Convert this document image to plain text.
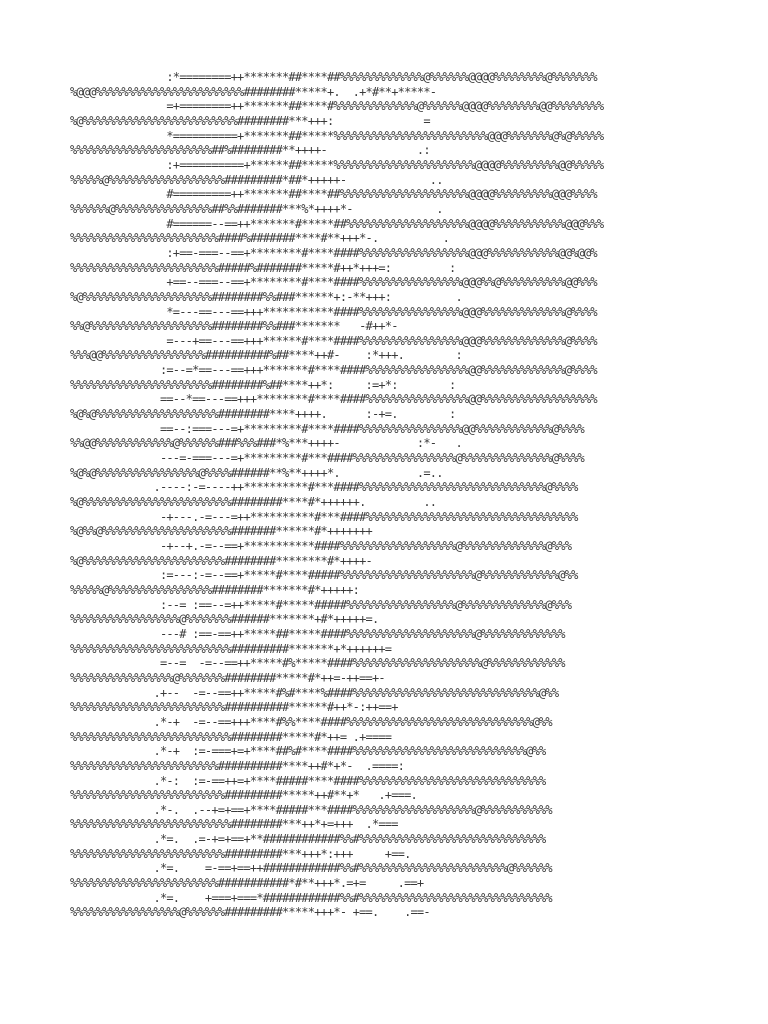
:*========++*******##****##%%%%%%%%%%%%%@%%%%%%@@@@%%%%%%%%@%%%%%%%
%@@@%%%%%%%%%%%%%%%%%%%%%%%########*****+.  .+*#**+*****-
=+========++*******##****#%%%%%%%%%%%%%@%%%%%%@@@@%%%%%%%%@@%%%%%%%%
%@%%%%%%%%%%%%%%%%%%%%%%%%########***+++:              =
*==========+*******##*****%%%%%%%%%%%%%%%%%%%%%%%%@@@%%%%%%%@%@%%%%%
%%%%%%%%%%%%%%%%%%%%%%##%########**++++-              .:
:+==========+******##*****%%%%%%%%%%%%%%%%%%%%%%@@@@%%%%%%%%%@@%%%%%
%%%%%@%%%%%%%%%%%%%%%%%%#########*##*+++++-             ..
#=========++*******##****##%%%%%%%%%%%%%%%%%%%%@@@@%%%%%%%%%@@@%%%%
%%%%%%@%%%%%%%%%%%%%%%##%%#######***%*++++*-             .
#======--==++*******#*****##%%%%%%%%%%%%%%%%%%%@@@@%%%%%%%%%%%@@@%%%
%%%%%%%%%%%%%%%%%%%%%%%####%#######****#**+++*-.          .
:+==-===--==+********#****####%%%%%%%%%%%%%%%%%@@@%%%%%%%%%%%@@%@@%
%%%%%%%%%%%%%%%%%%%%%%%#####%#######*****#++*+++=:         :
+==--===--==+********#****####%%%%%%%%%%%%%%%%@@@%%@%%%%%%%%%%@@%%%
%@%%%%%%%%%%%%%%%%%%%%########%%###******+:-**+++:          .
*=---==---==+++***********####%%%%%%%%%%%%%%%%@@@%%%%%%%%%%%%%@%%%%
%%@%%%%%%%%%%%%%%%%%%%########%%###*******   -#++*-
=---+==---==+++******#****####%%%%%%%%%%%%%%%%@@@%%%%%%%%%%%%%@%%%%
%%%@@%%%%%%%%%%%%%%%%##########%##****++#-    :*+++.        :
:=--=*==---==+++*******#****####%%%%%%%%%%%%%%%%@@%%%%%%%%%%%%%@%%%%
%%%%%%%%%%%%%%%%%%%%%%########%##****++*:     :=+*:        :
==--*==---==+++********#****####%%%%%%%%%%%%%%%%@@%%%%%%%%%%%%%%%%%%
%@%@%%%%%%%%%%%%%%%%%%%########****++++.      :-+=.        :
==--:===---=+*********#****####%%%%%%%%%%%%%%%%@@%%%%%%%%%%%%@%%%%
%%@@%%%%%%%%%%%%@%%%%%%###%%%###*%***++++-            :*-   .
---=-===---=+*********#***####%%%%%%%%%%%%%%%%@%%%%%%%%%%%%%%@%%%%
%@%@%%%%%%%%%%%%%%%%@%%%%######**%**++++*.            .=..
.----:-=----++**********#***####%%%%%%%%%%%%%%%%%%%%%%%%%%%%%@%%%%
%@%%%%%%%%%%%%%%%%%%%%%%%########****#*++++++.         ..
-+---.-=---=++**********#***####%%%%%%%%%%%%%%%%%%%%%%%%%%%%%%%%%
%@%%@%%%%%%%%%%%%%%%%%%%%#######******#*+++++++
-+--+.-=--==+***********####%%%%%%%%%%%%%%%%%%@%%%%%%%%%%%%%@%%%
%@%%%%%%%%%%%%%%%%%%%%%%########********#*++++-
:=---:-=--==+*****#****#####%%%%%%%%%%%%%%%%%%%%%@%%%%%%%%%%%%@%%
%%%%%@%%%%%%%%%%%%%%%%########*******#*+++++:
:--= :==--=++*****#*****#####%%%%%%%%%%%%%%%%%@%%%%%%%%%%%%%@%%%
%%%%%%%%%%%%%%%%%@%%%%%%%######*******+#*+++++=.
---# :==-==++*****##*****####%%%%%%%%%%%%%%%%%%%%@%%%%%%%%%%%%%
%%%%%%%%%%%%%%%%%%%%%%%%%#########*******+*++++++=
=--=  -=--==++*****#%*****####%%%%%%%%%%%%%%%%%%%%@%%%%%%%%%%%%
%%%%%%%%%%%%%%%%@%%%%%%%########*****#*++=-++==+-
.+--  -=--==++*****#%#****%####%%%%%%%%%%%%%%%%%%%%%%%%%%%%%@%%
%%%%%%%%%%%%%%%%%%%%%%%%##########******#++*-:++==+
.*-+  -=--==+++****#%%****####%%%%%%%%%%%%%%%%%%%%%%%%%%%%%@%%
%%%%%%%%%%%%%%%%%%%%%%%%%########*****#*++= .+====
.*-+  :=-===+=+****##%#****####%%%%%%%%%%%%%%%%%%%%%%%%%%%@%%
%%%%%%%%%%%%%%%%%%%%%%%##########****++#*+*-  .====:
.*-:  :=-==++=+****#####****####%%%%%%%%%%%%%%%%%%%%%%%%%%%%%
%%%%%%%%%%%%%%%%%%%%%%%%#########*****++#**+*   .+===.
.*-.  .--+=+==+****#####***####%%%%%%%%%%%%%%%%%%%@%%%%%%%%%%%
%%%%%%%%%%%%%%%%%%%%%%%%%########***++*+=+++  .*===
.*=.  .=-+=+==+**############%%#%%%%%%%%%%%%%%%%%%%%%%%%%%%%%
%%%%%%%%%%%%%%%%%%%%%%%%#########***+++*:+++     +==.
.*=.    =-==+==++############%%#%%%%%%%%%%%%%%%%%%%%%%%@%%%%%%
%%%%%%%%%%%%%%%%%%%%%%%###########*#**+++*.=+=     .==+
.*=.    +===+===*############%%#%%%%%%%%%%%%%%%%%%%%%%%%%%%%%%
%%%%%%%%%%%%%%%%%@%%%%%%#########*****+++*- +==.    .==-
